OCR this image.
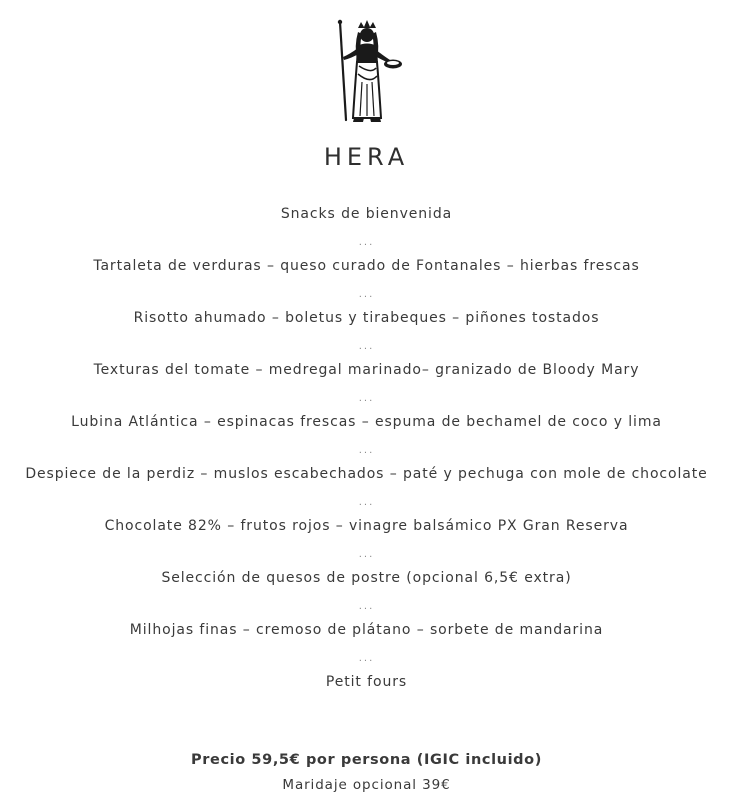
HERA
Snacks de bienvenida
...
Tartaleta de verduras – queso curado de Fontanales – hierbas frescas
...
Risotto ahumado – boletus y tirabeques – piñones tostados
...
Texturas del tomate – medregal marinado– granizado de Bloody Mary
...
Lubina Atlántica – espinacas frescas – espuma de bechamel de coco y lima
...
Despiece de la perdiz – muslos escabechados – paté y pechuga con mole de chocolate
...
Chocolate 82% – frutos rojos – vinagre balsámico PX Gran Reserva
...
Selección de quesos de postre (opcional 6,5€ extra)
...
Milhojas finas – cremoso de plátano – sorbete de mandarina
...
Petit fours
Precio 59,5€ por persona (IGIC incluido)
Maridaje opcional 39€
